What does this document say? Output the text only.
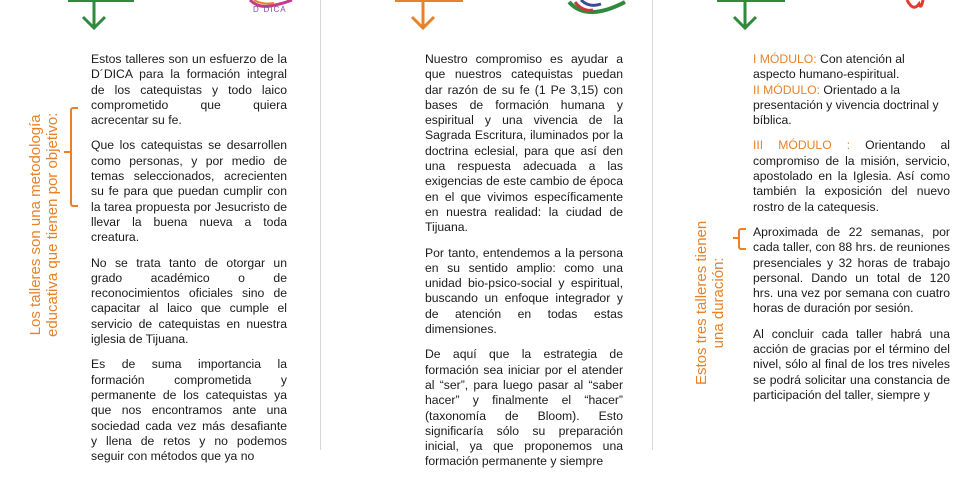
D´DICA
Los talleres son una metodología educativa que tienen por objetivo:

Estos talleres son un esfuerzo de la D´DICA para la formación integral de los catequistas y todo laico comprometido que quiera acrecentar su fe.

Que los catequistas se desarrollen como personas, y por medio de temas seleccionados, acrecienten su fe para que puedan cumplir con la tarea propuesta por Jesucristo de llevar la buena nueva a toda creatura.

No se trata tanto de otorgar un grado académico o de reconocimientos oficiales sino de capacitar al laico que cumple el servicio de catequistas en nuestra iglesia de Tijuana.

Es de suma importancia la formación comprometida y permanente de los catequistas ya que nos encontramos ante una sociedad cada vez más desafiante y llena de retos y no podemos seguir con métodos que ya no

Nuestro compromiso es ayudar a que nuestros catequistas puedan dar razón de su fe (1 Pe 3,15) con bases de formación humana y espiritual y una vivencia de la Sagrada Escritura, iluminados por la doctrina eclesial, para que así den una respuesta adecuada a las exigencias de este cambio de época en el que vivimos específicamente en nuestra realidad: la ciudad de Tijuana.

Por tanto, entendemos a la persona en su sentido amplio: como una unidad bio-psico-social y espiritual, buscando un enfoque integrador y de atención en todas estas dimensiones.

De aquí que la estrategia de formación sea iniciar por el atender al “ser”, para luego pasar al “saber hacer” y finalmente el “hacer” (taxonomía de Bloom). Esto significaría sólo su preparación inicial, ya que proponemos una formación permanente y siempre

Estos tres talleres tienen una duración:

I MÓDULO: Con atención al aspecto humano-espiritual.
II MÓDULO: Orientado a la presentación y vivencia doctrinal y bíblica.

III MÓDULO : Orientando al compromiso de la misión, servicio, apostolado en la Iglesia. Así como también la exposición del nuevo rostro de la catequesis.

Aproximada de 22 semanas, por cada taller, con 88 hrs. de reuniones presenciales y 32 horas de trabajo personal. Dando un total de 120 hrs. una vez por semana con cuatro horas de duración por sesión.

Al concluir cada taller habrá una acción de gracias por el término del nivel, sólo al final de los tres niveles se podrá solicitar una constancia de participación del taller, siempre y
